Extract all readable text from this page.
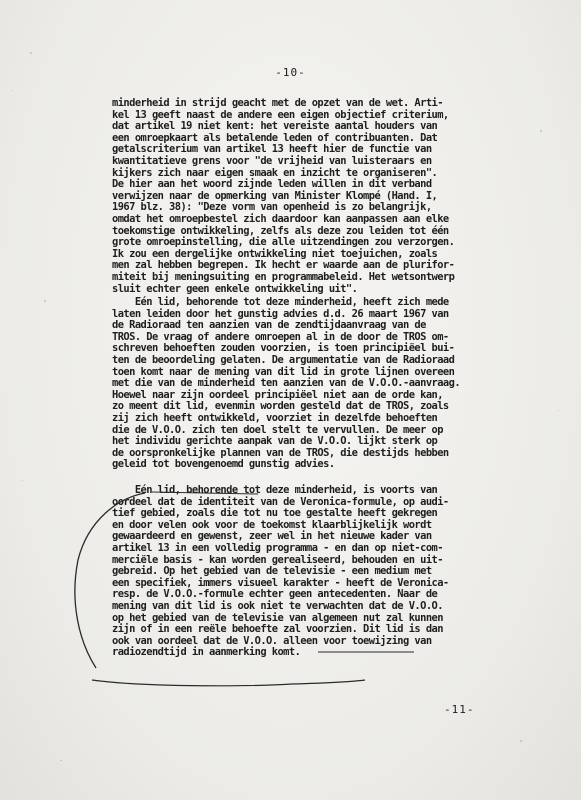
-10-
minderheid in strijd geacht met de opzet van de wet. Arti-
kel 13 geeft naast de andere een eigen objectief criterium,
dat artikel 19 niet kent: het vereiste aantal houders van
een omroepkaart als betalende leden of contribuanten. Dat
getalscriterium van artikel 13 heeft hier de functie van
kwantitatieve grens voor "de vrijheid van luisteraars en
kijkers zich naar eigen smaak en inzicht te organiseren".
De hier aan het woord zijnde leden willen in dit verband
verwijzen naar de opmerking van Minister Klompé (Hand. I,
1967 blz. 38): "Deze vorm van openheid is zo belangrijk,
omdat het omroepbestel zich daardoor kan aanpassen aan elke
toekomstige ontwikkeling, zelfs als deze zou leiden tot één
grote omroepinstelling, die alle uitzendingen zou verzorgen.
Ik zou een dergelijke ontwikkeling niet toejuichen, zoals
men zal hebben begrepen. Ik hecht er waarde aan de plurifor-
miteit bij meningsuiting en programmabeleid. Het wetsontwerp
sluit echter geen enkele ontwikkeling uit".
Eén lid, behorende tot deze minderheid, heeft zich mede
laten leiden door het gunstig advies d.d. 26 maart 1967 van
de Radioraad ten aanzien van de zendtijdaanvraag van de
TROS. De vraag of andere omroepen al in de door de TROS om-
schreven behoeften zouden voorzien, is toen principiëel bui-
ten de beoordeling gelaten. De argumentatie van de Radioraad
toen komt naar de mening van dit lid in grote lijnen overeen
met die van de minderheid ten aanzien van de V.O.O.-aanvraag.
Hoewel naar zijn oordeel principiëel niet aan de orde kan,
zo meent dit lid, evenmin worden gesteld dat de TROS, zoals
zij zich heeft ontwikkeld, voorziet in dezelfde behoeften
die de V.O.O. zich ten doel stelt te vervullen. De meer op
het individu gerichte aanpak van de V.O.O. lijkt sterk op
de oorspronkelijke plannen van de TROS, die destijds hebben
geleid tot bovengenoemd gunstig advies.
Eén lid, behorende tot deze minderheid, is voorts van
oordeel dat de identiteit van de Veronica-formule, op audi-
tief gebied, zoals die tot nu toe gestalte heeft gekregen
en door velen ook voor de toekomst klaarblijkelijk wordt
gewaardeerd en gewenst, zeer wel in het nieuwe kader van
artikel 13 in een volledig programma - en dan op niet-com-
merciële basis - kan worden gerealiseerd, behouden en uit-
gebreid. Op het gebied van de televisie - een medium met
een specifiek, immers visueel karakter - heeft de Veronica-
resp. de V.O.O.-formule echter geen antecedenten. Naar de
mening van dit lid is ook niet te verwachten dat de V.O.O.
op het gebied van de televisie van algemeen nut zal kunnen
zijn of in een reële behoefte zal voorzien. Dit lid is dan
ook van oordeel dat de V.O.O. alleen voor toewijzing van
radiozendtijd in aanmerking komt.
-11-
